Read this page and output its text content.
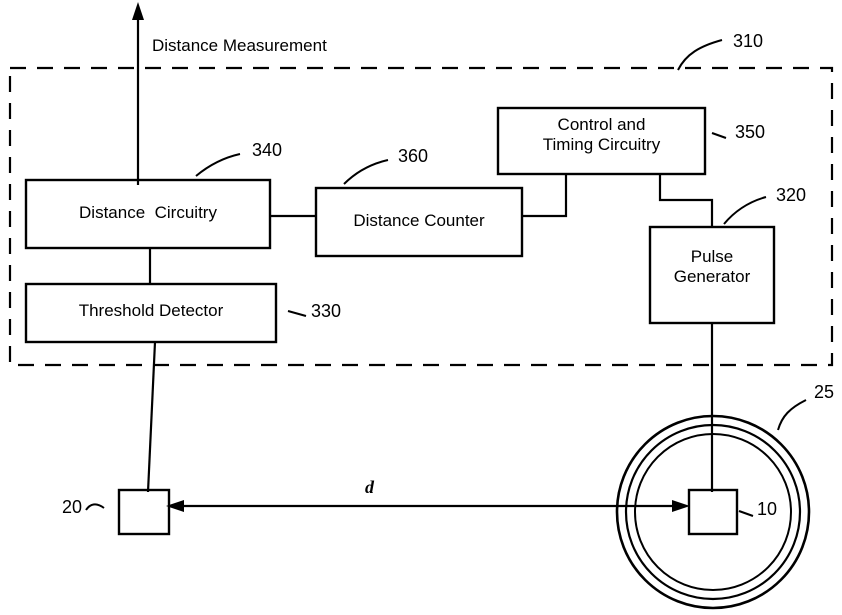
Distance Measurement	310
Control and
Timing Circuitry
350
Distance  Circuitry
340
Distance Counter
360
Threshold Detector	330
Pulse
Generator
320
20	10
25
d
